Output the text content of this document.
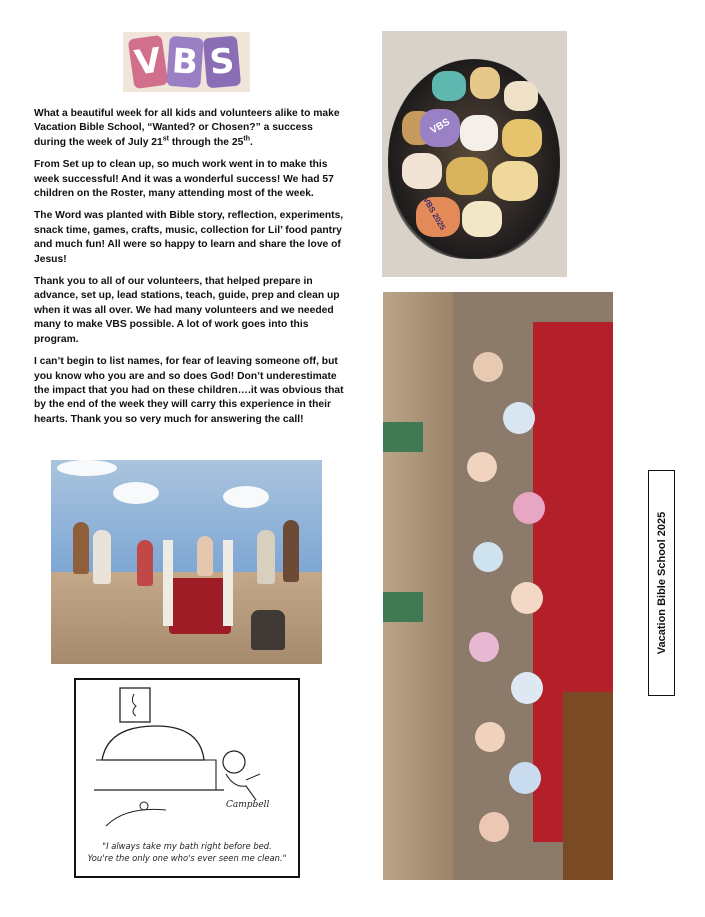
V B S

What a beautiful week for all kids and volunteers alike to make Vacation Bible School, “Wanted? or Chosen?” a success during the week of July 21st through the 25th.

From Set up to clean up, so much work went in to make this week successful! And it was a wonderful success! We had 57 children on the Roster, many attending most of the week.

The Word was planted with Bible story, reflection, experiments, snack time, games, crafts, music, collection for Lil’ food pantry and much fun! All were so happy to learn and share the love of Jesus!

Thank you to all of our volunteers, that helped prepare in advance, set up, lead stations, teach, guide, prep and clean up when it was all over. We had many volunteers and we needed many to make VBS possible. A lot of work goes into this program.

I can’t begin to list names, for fear of leaving someone off, but you know who you are and so does God! Don’t underestimate the impact that you had on these children….it was obvious that by the end of the week they will carry this experience in their hearts. Thank you so very much for answering the call!

VBS
VBS 2025
Campbell
"I always take my bath right before bed.
You're the only one who's ever seen me clean."
Vacation Bible School 2025
